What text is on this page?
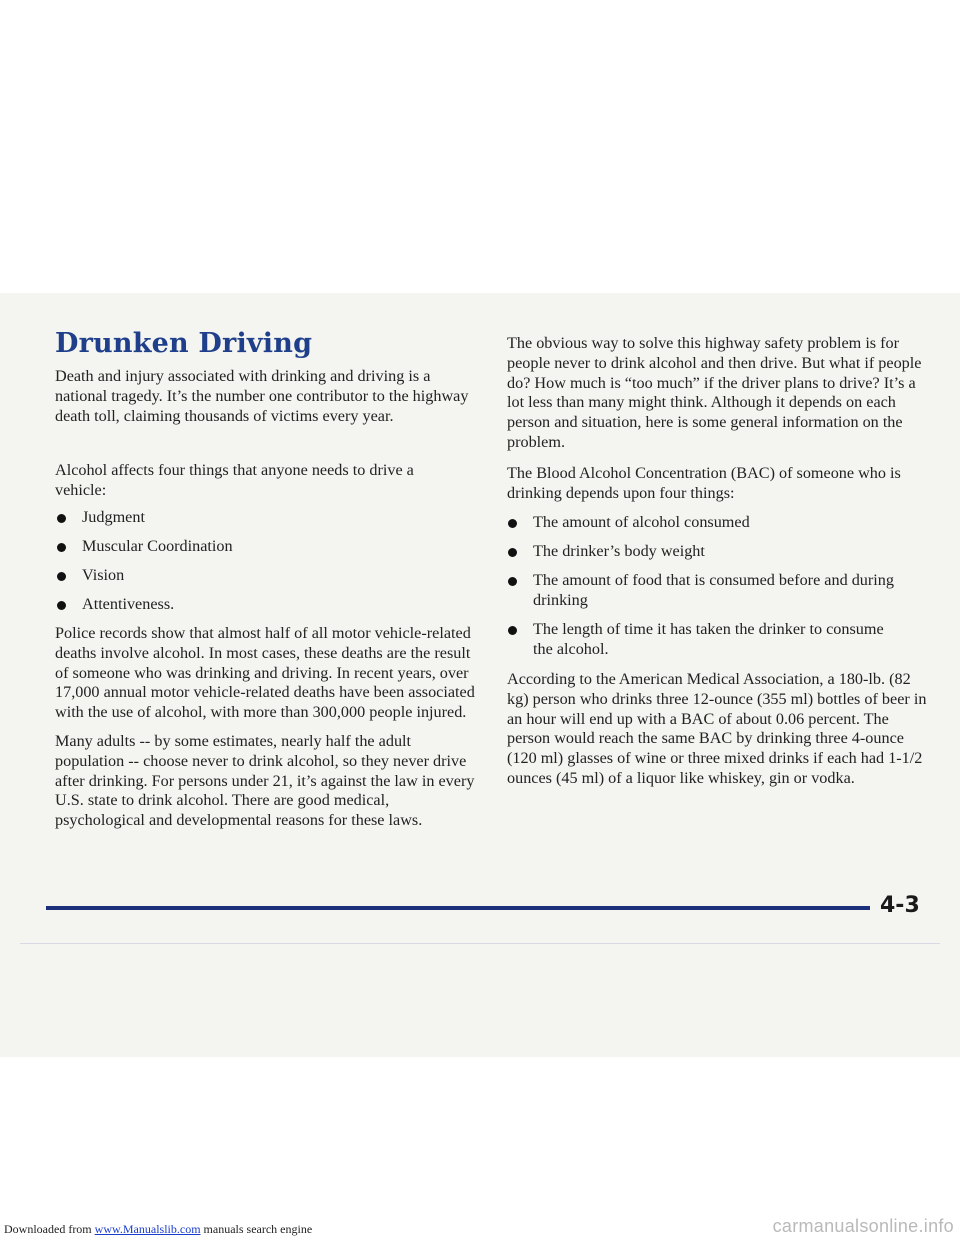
Drunken Driving

Death and injury associated with drinking and driving is a national tragedy. It’s the number one contributor to the highway death toll, claiming thousands of victims every year.

Alcohol affects four things that anyone needs to drive a vehicle:

Judgment
Muscular Coordination
Vision
Attentiveness.

Police records show that almost half of all motor vehicle-related deaths involve alcohol. In most cases, these deaths are the result of someone who was drinking and driving. In recent years, over 17,000 annual motor vehicle-related deaths have been associated with the use of alcohol, with more than 300,000 people injured.

Many adults -- by some estimates, nearly half the adult population -- choose never to drink alcohol, so they never drive after drinking. For persons under 21, it’s against the law in every U.S. state to drink alcohol. There are good medical, psychological and developmental reasons for these laws.

The obvious way to solve this highway safety problem is for people never to drink alcohol and then drive. But what if people do? How much is “too much” if the driver plans to drive? It’s a lot less than many might think. Although it depends on each person and situation, here is some general information on the problem.

The Blood Alcohol Concentration (BAC) of someone who is drinking depends upon four things:

The amount of alcohol consumed
The drinker’s body weight
The amount of food that is consumed before and during drinking
The length of time it has taken the drinker to consume the alcohol.

According to the American Medical Association, a 180-lb. (82 kg) person who drinks three 12-ounce (355 ml) bottles of beer in an hour will end up with a BAC of about 0.06 percent. The person would reach the same BAC by drinking three 4-ounce (120 ml) glasses of wine or three mixed drinks if each had 1-1/2 ounces (45 ml) of a liquor like whiskey, gin or vodka.

4-3
Downloaded from www.Manualslib.com manuals search engine	carmanualsonline.info
